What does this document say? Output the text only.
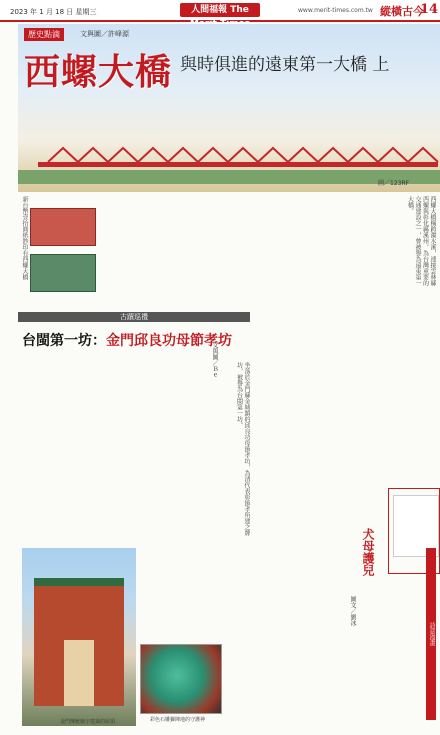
2023 年 1 月 18 日 星期三	人間福報 The	www.merit-times.com.tw 縱橫古今
14
歷史點滴	文與圖／許峰源
西螺大橋 與時俱進的遠東第一大橋 上
圖／123RF
新台幣壹拾圓紙鈔印有西螺大橋	西螺大橋橫跨濁水溪，連接雲林縣西螺與彰化縣溪州，為台灣重要的交通建設之一，曾被譽為遠東第一大橋。
古蹟巡禮
台閩第一坊：金門邱良功母節孝坊
文與圖／Ｂｅ
坐落於金門縣金城鎮的邱良功母節孝坊，為清代表彰節孝所建之牌坊，被譽為台閩第一坊。
金門傳統廟宇建築的屋頂	彩色石雕獅陣地的守護神
犬母護兒
圖文／劉冰
詩意漫畫
